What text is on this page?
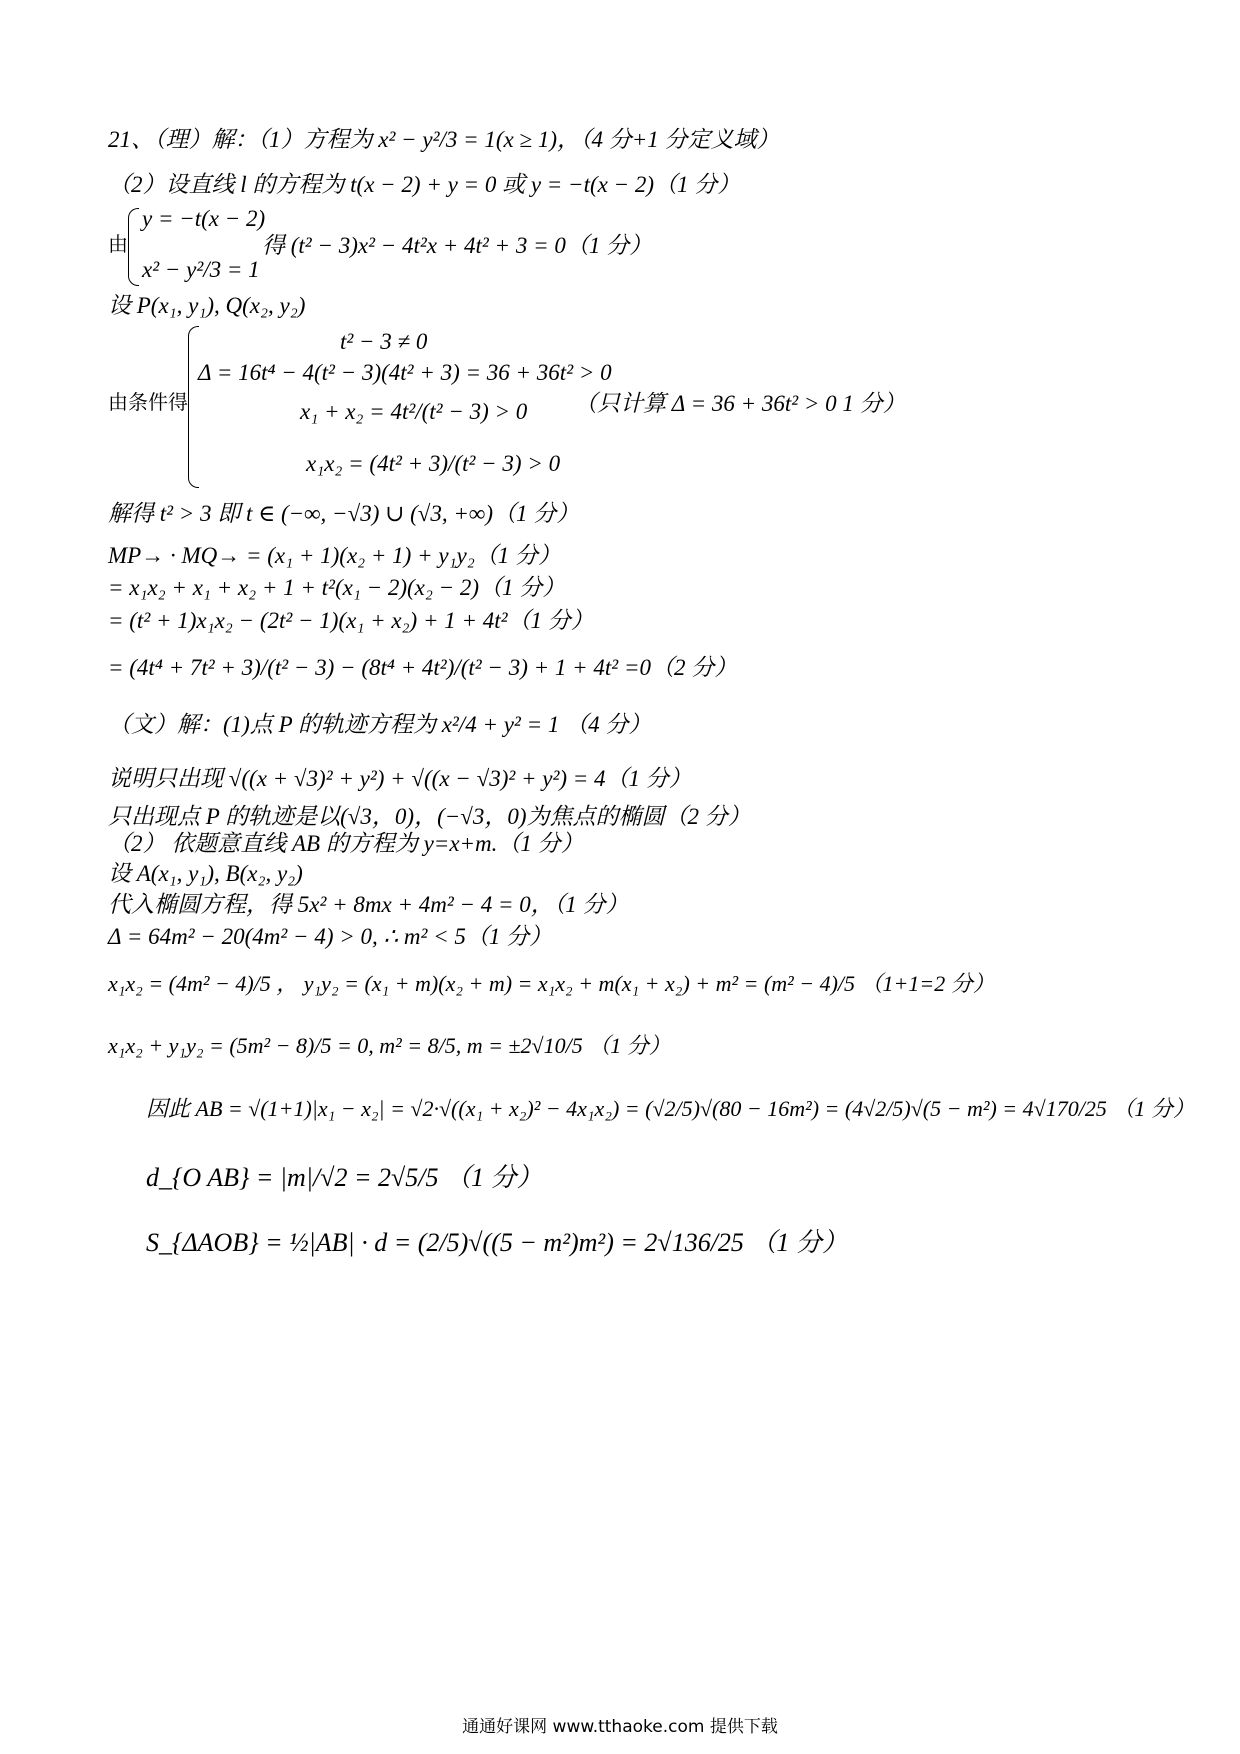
21、（理）解：（1）方程为 x² − y²/3 = 1(x ≥ 1)，（4 分+1 分定义域）
（2）设直线 l 的方程为 t(x − 2) + y = 0 或 y = −t(x − 2)（1 分）
由
y = −t(x − 2)
x² − y²/3 = 1
得 (t² − 3)x² − 4t²x + 4t² + 3 = 0（1 分）
设 P(x₁, y₁), Q(x₂, y₂)
由条件得
t² − 3 ≠ 0
Δ = 16t⁴ − 4(t² − 3)(4t² + 3) = 36 + 36t² > 0
x₁ + x₂ = 4t²/(t² − 3) > 0 （只计算 Δ = 36 + 36t² > 0 1 分）
x₁x₂ = (4t² + 3)/(t² − 3) > 0
解得 t² > 3 即 t ∈ (−∞, −√3) ∪ (√3, +∞)（1 分）
MP→ · MQ→ = (x₁ + 1)(x₂ + 1) + y₁y₂（1 分）
= x₁x₂ + x₁ + x₂ + 1 + t²(x₁ − 2)(x₂ − 2)（1 分）
= (t² + 1)x₁x₂ − (2t² − 1)(x₁ + x₂) + 1 + 4t²（1 分）
= (4t⁴ + 7t² + 3)/(t² − 3) − (8t⁴ + 4t²)/(t² − 3) + 1 + 4t² =0（2 分）
（文）解：(1)点 P 的轨迹方程为 x²/4 + y² = 1 （4 分）
说明只出现 √((x + √3)² + y²) + √((x − √3)² + y²) = 4（1 分）
只出现点 P 的轨迹是以(√3，0)，(−√3，0)为焦点的椭圆（2 分）
（2） 依题意直线 AB 的方程为 y=x+m.（1 分）
设 A(x₁, y₁), B(x₂, y₂)
代入椭圆方程，得 5x² + 8mx + 4m² − 4 = 0，（1 分）
Δ = 64m² − 20(4m² − 4) > 0, ∴ m² < 5（1 分）
x₁x₂ = (4m² − 4)/5 ， y₁y₂ = (x₁ + m)(x₂ + m) = x₁x₂ + m(x₁ + x₂) + m² = (m² − 4)/5 （1+1=2 分）
x₁x₂ + y₁y₂ = (5m² − 8)/5 = 0, m² = 8/5, m = ±2√10/5 （1 分）
因此 AB = √(1+1)|x₁ − x₂| = √2·√((x₁ + x₂)² − 4x₁x₂) = (√2/5)√(80 − 16m²) = (4√2/5)√(5 − m²) = 4√170/25 （1 分）
d_{O AB} = |m|/√2 = 2√5/5 （1 分）
S_{ΔAOB} = ½|AB| · d = (2/5)√((5 − m²)m²) = 2√136/25 （1 分）
通通好课网 www.tthaoke.com 提供下载
